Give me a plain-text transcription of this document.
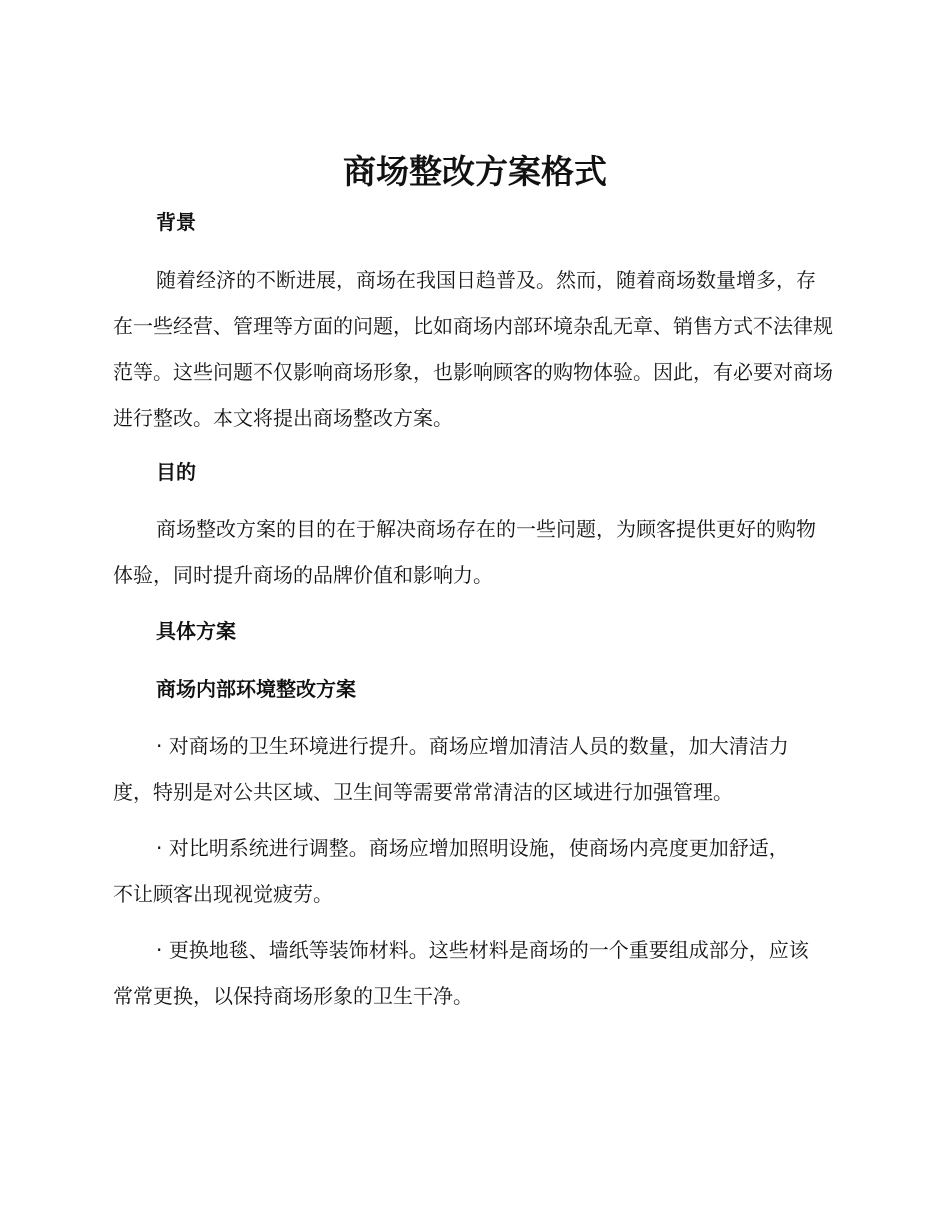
商场整改方案格式
背景

随着经济的不断进展，商场在我国日趋普及。然而，随着商场数量增多，存在一些经营、管理等方面的问题，比如商场内部环境杂乱无章、销售方式不法律规范等。这些问题不仅影响商场形象，也影响顾客的购物体验。因此，有必要对商场进行整改。本文将提出商场整改方案。

目的

商场整改方案的目的在于解决商场存在的一些问题，为顾客提供更好的购物体验，同时提升商场的品牌价值和影响力。

具体方案
商场内部环境整改方案

· 对商场的卫生环境进行提升。商场应增加清洁人员的数量，加大清洁力度，特别是对公共区域、卫生间等需要常常清洁的区域进行加强管理。

· 对比明系统进行调整。商场应增加照明设施，使商场内亮度更加舒适，不让顾客出现视觉疲劳。

· 更换地毯、墙纸等装饰材料。这些材料是商场的一个重要组成部分，应该常常更换，以保持商场形象的卫生干净。
